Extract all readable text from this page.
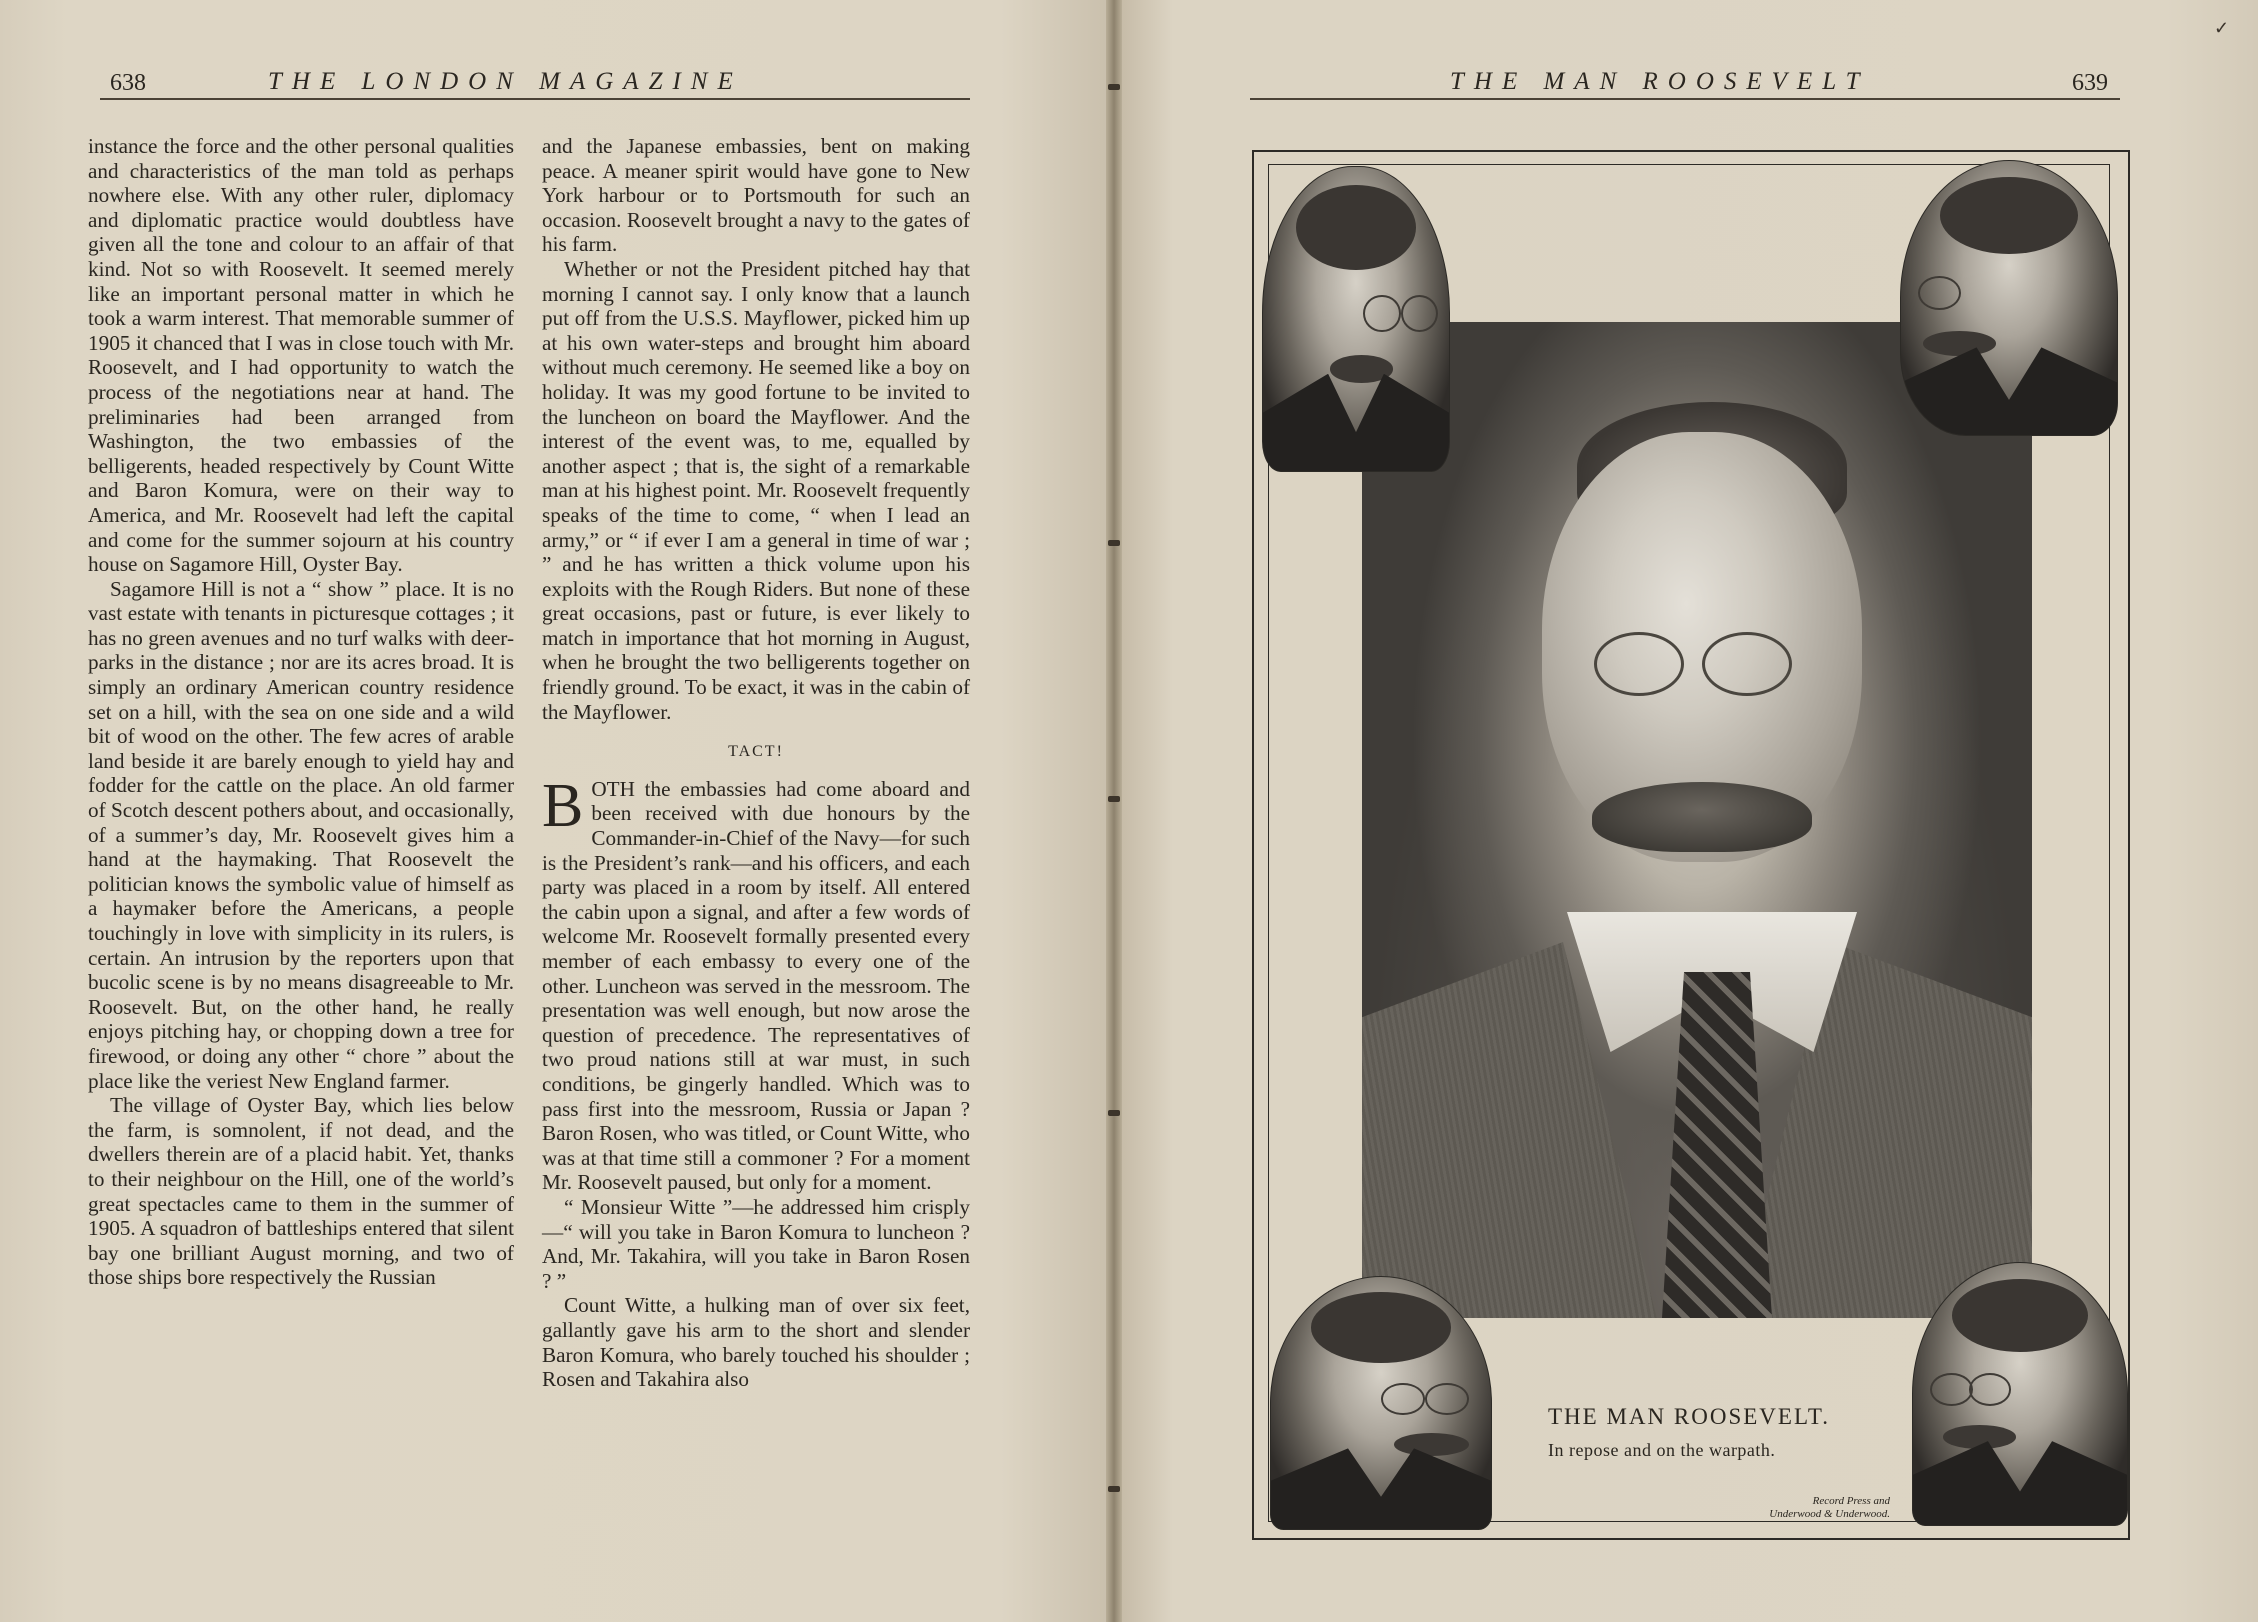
638	THE LONDON MAGAZINE

instance the force and the other personal qualities and characteristics of the man told as perhaps nowhere else. With any other ruler, diplomacy and diplomatic practice would doubtless have given all the tone and colour to an affair of that kind. Not so with Roosevelt. It seemed merely like an important personal matter in which he took a warm interest. That memorable summer of 1905 it chanced that I was in close touch with Mr. Roosevelt, and I had opportunity to watch the process of the negotiations near at hand. The preliminaries had been arranged from Washington, the two embassies of the belligerents, headed respectively by Count Witte and Baron Komura, were on their way to America, and Mr. Roosevelt had left the capital and come for the summer sojourn at his country house on Sagamore Hill, Oyster Bay.

Sagamore Hill is not a “ show ” place. It is no vast estate with tenants in picturesque cottages ; it has no green avenues and no turf walks with deer-parks in the distance ; nor are its acres broad. It is simply an ordinary American country residence set on a hill, with the sea on one side and a wild bit of wood on the other. The few acres of arable land beside it are barely enough to yield hay and fodder for the cattle on the place. An old farmer of Scotch descent pothers about, and occasionally, of a summer’s day, Mr. Roosevelt gives him a hand at the haymaking. That Roosevelt the politician knows the symbolic value of himself as a haymaker before the Americans, a people touchingly in love with simplicity in its rulers, is certain. An intrusion by the reporters upon that bucolic scene is by no means disagreeable to Mr. Roosevelt. But, on the other hand, he really enjoys pitching hay, or chopping down a tree for firewood, or doing any other “ chore ” about the place like the veriest New England farmer.

The village of Oyster Bay, which lies below the farm, is somnolent, if not dead, and the dwellers therein are of a placid habit. Yet, thanks to their neighbour on the Hill, one of the world’s great spectacles came to them in the summer of 1905. A squadron of battleships entered that silent bay one brilliant August morning, and two of those ships bore respectively the Russian

and the Japanese embassies, bent on making peace. A meaner spirit would have gone to New York harbour or to Portsmouth for such an occasion. Roosevelt brought a navy to the gates of his farm.

Whether or not the President pitched hay that morning I cannot say. I only know that a launch put off from the U.S.S. Mayflower, picked him up at his own water-steps and brought him aboard without much ceremony. He seemed like a boy on holiday. It was my good fortune to be invited to the luncheon on board the Mayflower. And the interest of the event was, to me, equalled by another aspect ; that is, the sight of a remarkable man at his highest point. Mr. Roosevelt frequently speaks of the time to come, “ when I lead an army,” or “ if ever I am a general in time of war ; ” and he has written a thick volume upon his exploits with the Rough Riders. But none of these great occasions, past or future, is ever likely to match in importance that hot morning in August, when he brought the two belligerents together on friendly ground. To be exact, it was in the cabin of the Mayflower.

TACT!

BOTH the embassies had come aboard and been received with due honours by the Commander-in-Chief of the Navy—for such is the President’s rank—and his officers, and each party was placed in a room by itself. All entered the cabin upon a signal, and after a few words of welcome Mr. Roosevelt formally presented every member of each embassy to every one of the other. Luncheon was served in the messroom. The presentation was well enough, but now arose the question of precedence. The representatives of two proud nations still at war must, in such conditions, be gingerly handled. Which was to pass first into the messroom, Russia or Japan ? Baron Rosen, who was titled, or Count Witte, who was at that time still a commoner ? For a moment Mr. Roosevelt paused, but only for a moment.

“ Monsieur Witte ”—he addressed him crisply—“ will you take in Baron Komura to luncheon ? And, Mr. Takahira, will you take in Baron Rosen ? ”

Count Witte, a hulking man of over six feet, gallantly gave his arm to the short and slender Baron Komura, who barely touched his shoulder ; Rosen and Takahira also

THE MAN ROOSEVELT	639
THE MAN ROOSEVELT.
In repose and on the warpath.
Record Press and
Underwood & Underwood.
✓
